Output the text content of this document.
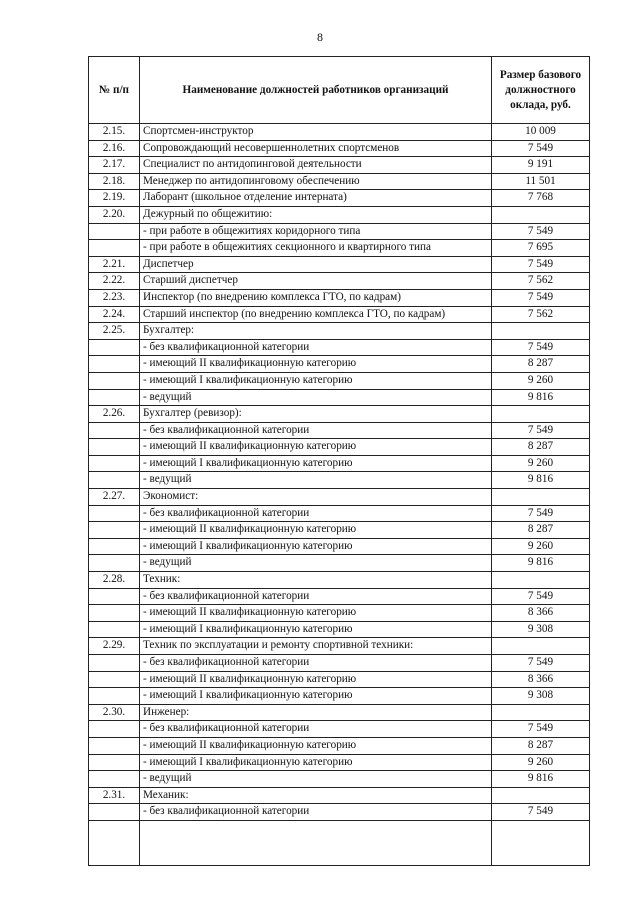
8
№ п/п	Наименование должностей работников организаций	Размер базового должностного оклада, руб.
2.15.	Спортсмен-инструктор	10 009
2.16.	Сопровождающий несовершеннолетних спортсменов	7 549
2.17.	Специалист по антидопинговой деятельности	9 191
2.18.	Менеджер по антидопинговому обеспечению	11 501
2.19.	Лаборант (школьное отделение интерната)	7 768
2.20.	Дежурный по общежитию:	
	- при работе в общежитиях коридорного типа	7 549
	- при работе в общежитиях секционного и квартирного типа	7 695
2.21.	Диспетчер	7 549
2.22.	Старший диспетчер	7 562
2.23.	Инспектор (по внедрению комплекса ГТО, по кадрам)	7 549
2.24.	Старший инспектор (по внедрению комплекса ГТО, по кадрам)	7 562
2.25.	Бухгалтер:	
	- без квалификационной категории	7 549
	- имеющий II квалификационную категорию	8 287
	- имеющий I квалификационную категорию	9 260
	- ведущий	9 816
2.26.	Бухгалтер (ревизор):	
	- без квалификационной категории	7 549
	- имеющий II квалификационную категорию	8 287
	- имеющий I квалификационную категорию	9 260
	- ведущий	9 816
2.27.	Экономист:	
	- без квалификационной категории	7 549
	- имеющий II квалификационную категорию	8 287
	- имеющий I квалификационную категорию	9 260
	- ведущий	9 816
2.28.	Техник:	
	- без квалификационной категории	7 549
	- имеющий II квалификационную категорию	8 366
	- имеющий I квалификационную категорию	9 308
2.29.	Техник по эксплуатации и ремонту спортивной техники:	
	- без квалификационной категории	7 549
	- имеющий II квалификационную категорию	8 366
	- имеющий I квалификационную категорию	9 308
2.30.	Инженер:	
	- без квалификационной категории	7 549
	- имеющий II квалификационную категорию	8 287
	- имеющий I квалификационную категорию	9 260
	- ведущий	9 816
2.31.	Механик:	
	- без квалификационной категории	7 549
